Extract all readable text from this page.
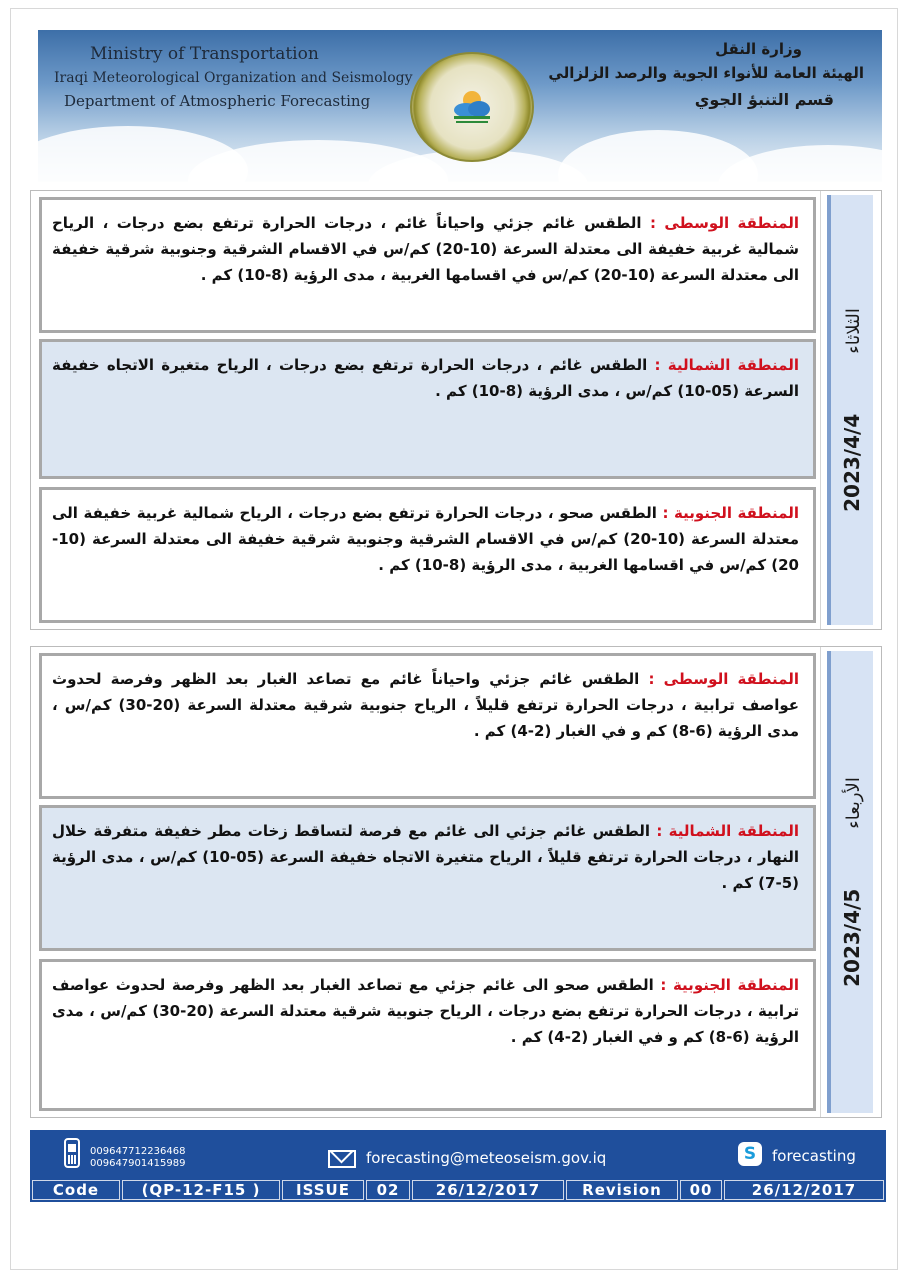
Ministry of Transportation
Iraqi Meteorological Organization and Seismology
Department of Atmospheric Forecasting
وزارة النقل
الهيئة العامة للأنواء الجوية والرصد الزلزالي
قسم التنبؤ الجوي
الثلاثاء2023/4/4

المنطقة الوسطى : الطقس غائم جزئي واحياناً غائم ، درجات الحرارة ترتفع بضع درجات ، الرياح شمالية غربية خفيفة الى معتدلة السرعة (10-20) كم/س في الاقسام الشرقية وجنوبية شرقية خفيفة الى معتدلة السرعة (10-20) كم/س في اقسامها الغربية ، مدى الرؤية (8-10) كم .

المنطقة الشمالية : الطقس غائم ، درجات الحرارة ترتفع بضع درجات ، الرياح متغيرة الاتجاه خفيفة السرعة (05-10) كم/س ، مدى الرؤية (8-10) كم .

المنطقة الجنوبية : الطقس صحو ، درجات الحرارة ترتفع بضع درجات ، الرياح شمالية غربية خفيفة الى معتدلة السرعة (10-20) كم/س في الاقسام الشرقية وجنوبية شرقية خفيفة الى معتدلة السرعة (10-20) كم/س في اقسامها الغربية ، مدى الرؤية (8-10) كم .

الأربعاء2023/4/5

المنطقة الوسطى : الطقس غائم جزئي واحياناً غائم مع تصاعد الغبار بعد الظهر وفرصة لحدوث عواصف ترابية ، درجات الحرارة ترتفع قليلاً ، الرياح جنوبية شرقية معتدلة السرعة (20-30) كم/س ، مدى الرؤية (6-8) كم و في الغبار (2-4) كم .

المنطقة الشمالية : الطقس غائم جزئي الى غائم مع فرصة لتساقط زخات مطر خفيفة متفرقة خلال النهار ، درجات الحرارة ترتفع قليلاً ، الرياح متغيرة الاتجاه خفيفة السرعة (05-10) كم/س ، مدى الرؤية (5-7) كم .

المنطقة الجنوبية : الطقس صحو الى غائم جزئي مع تصاعد الغبار بعد الظهر وفرصة لحدوث عواصف ترابية ، درجات الحرارة ترتفع بضع درجات ، الرياح جنوبية شرقية معتدلة السرعة (20-30) كم/س ، مدى الرؤية (6-8) كم و في الغبار (2-4) كم .

009647712236468
009647901415989	forecasting@meteoseism.gov.iq	S	forecasting
Code	(QP-12-F15 )	ISSUE	02	26/12/2017	Revision	00	26/12/2017
